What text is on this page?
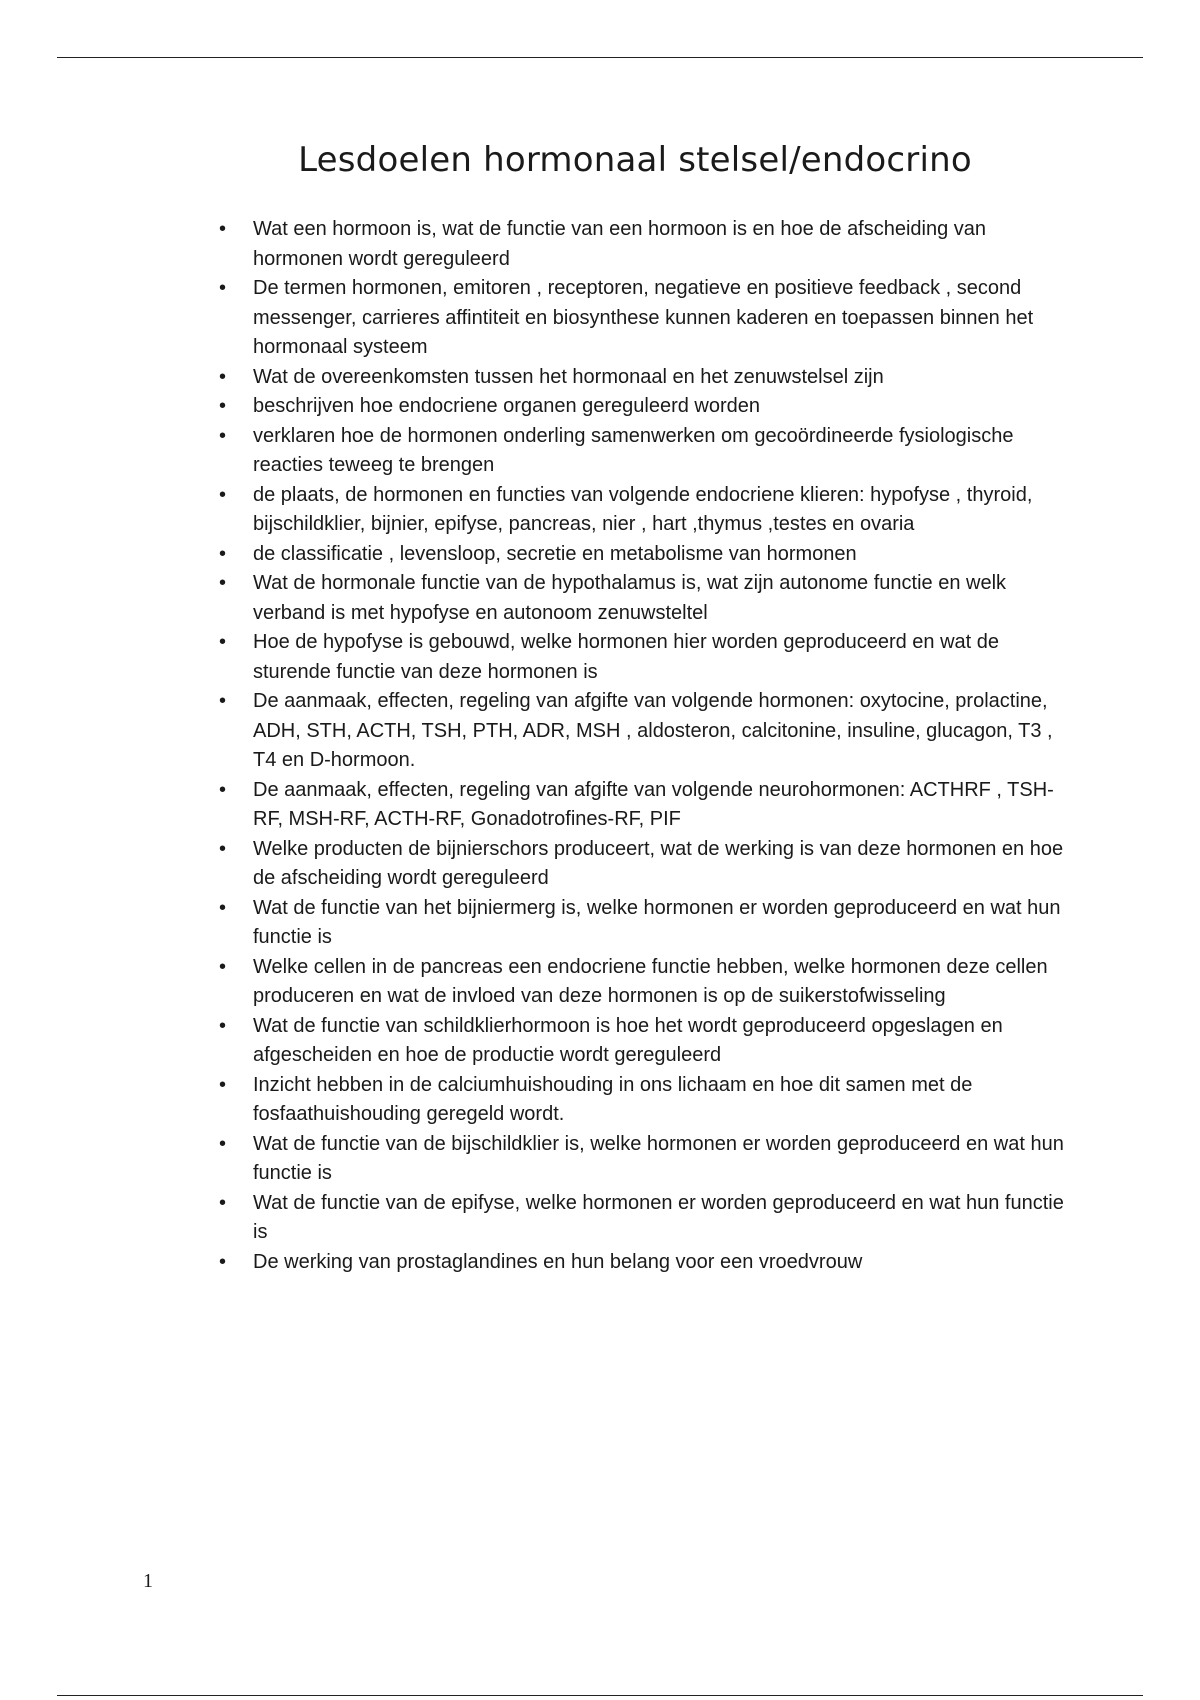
Lesdoelen hormonaal stelsel/endocrino
• Wat een hormoon is, wat de functie van een hormoon is en hoe de afscheiding van hormonen wordt gereguleerd
• De termen hormonen, emitoren , receptoren, negatieve en positieve feedback , second messenger, carrieres affintiteit en biosynthese kunnen kaderen en toepassen binnen het hormonaal systeem
• Wat de overeenkomsten tussen het hormonaal en het zenuwstelsel zijn
• beschrijven hoe endocriene organen gereguleerd worden
• verklaren hoe de hormonen onderling samenwerken om gecoördineerde fysiologische reacties teweeg te brengen
• de plaats, de hormonen en functies van volgende endocriene klieren: hypofyse , thyroid, bijschildklier, bijnier, epifyse, pancreas, nier , hart ,thymus ,testes en ovaria
• de classificatie , levensloop, secretie en metabolisme van hormonen
• Wat de hormonale functie van de hypothalamus is, wat zijn autonome functie en welk verband is met hypofyse en autonoom zenuwsteltel
• Hoe de hypofyse is gebouwd, welke hormonen hier worden geproduceerd en wat de sturende functie van deze hormonen is
• De aanmaak, effecten, regeling van afgifte van volgende hormonen: oxytocine, prolactine, ADH, STH, ACTH, TSH, PTH, ADR, MSH , aldosteron, calcitonine, insuline, glucagon, T3 , T4 en D-hormoon.
• De aanmaak, effecten, regeling van afgifte van volgende neurohormonen: ACTHRF , TSH-RF, MSH-RF, ACTH-RF, Gonadotrofines-RF, PIF
• Welke producten de bijnierschors produceert, wat de werking is van deze hormonen en hoe de afscheiding wordt gereguleerd
• Wat de functie van het bijniermerg is, welke hormonen er worden geproduceerd en wat hun functie is
• Welke cellen in de pancreas een endocriene functie hebben, welke hormonen deze cellen produceren en wat de invloed van deze hormonen is op de suikerstofwisseling
• Wat de functie van schildklierhormoon is hoe het wordt geproduceerd opgeslagen en afgescheiden en hoe de productie wordt gereguleerd
• Inzicht hebben in de calciumhuishouding in ons lichaam en hoe dit samen met de fosfaathuishouding geregeld wordt.
• Wat de functie van de bijschildklier is, welke hormonen er worden geproduceerd en wat hun functie is
• Wat de functie van de epifyse, welke hormonen er worden geproduceerd en wat hun functie is
• De werking van prostaglandines en hun belang voor een vroedvrouw
1
